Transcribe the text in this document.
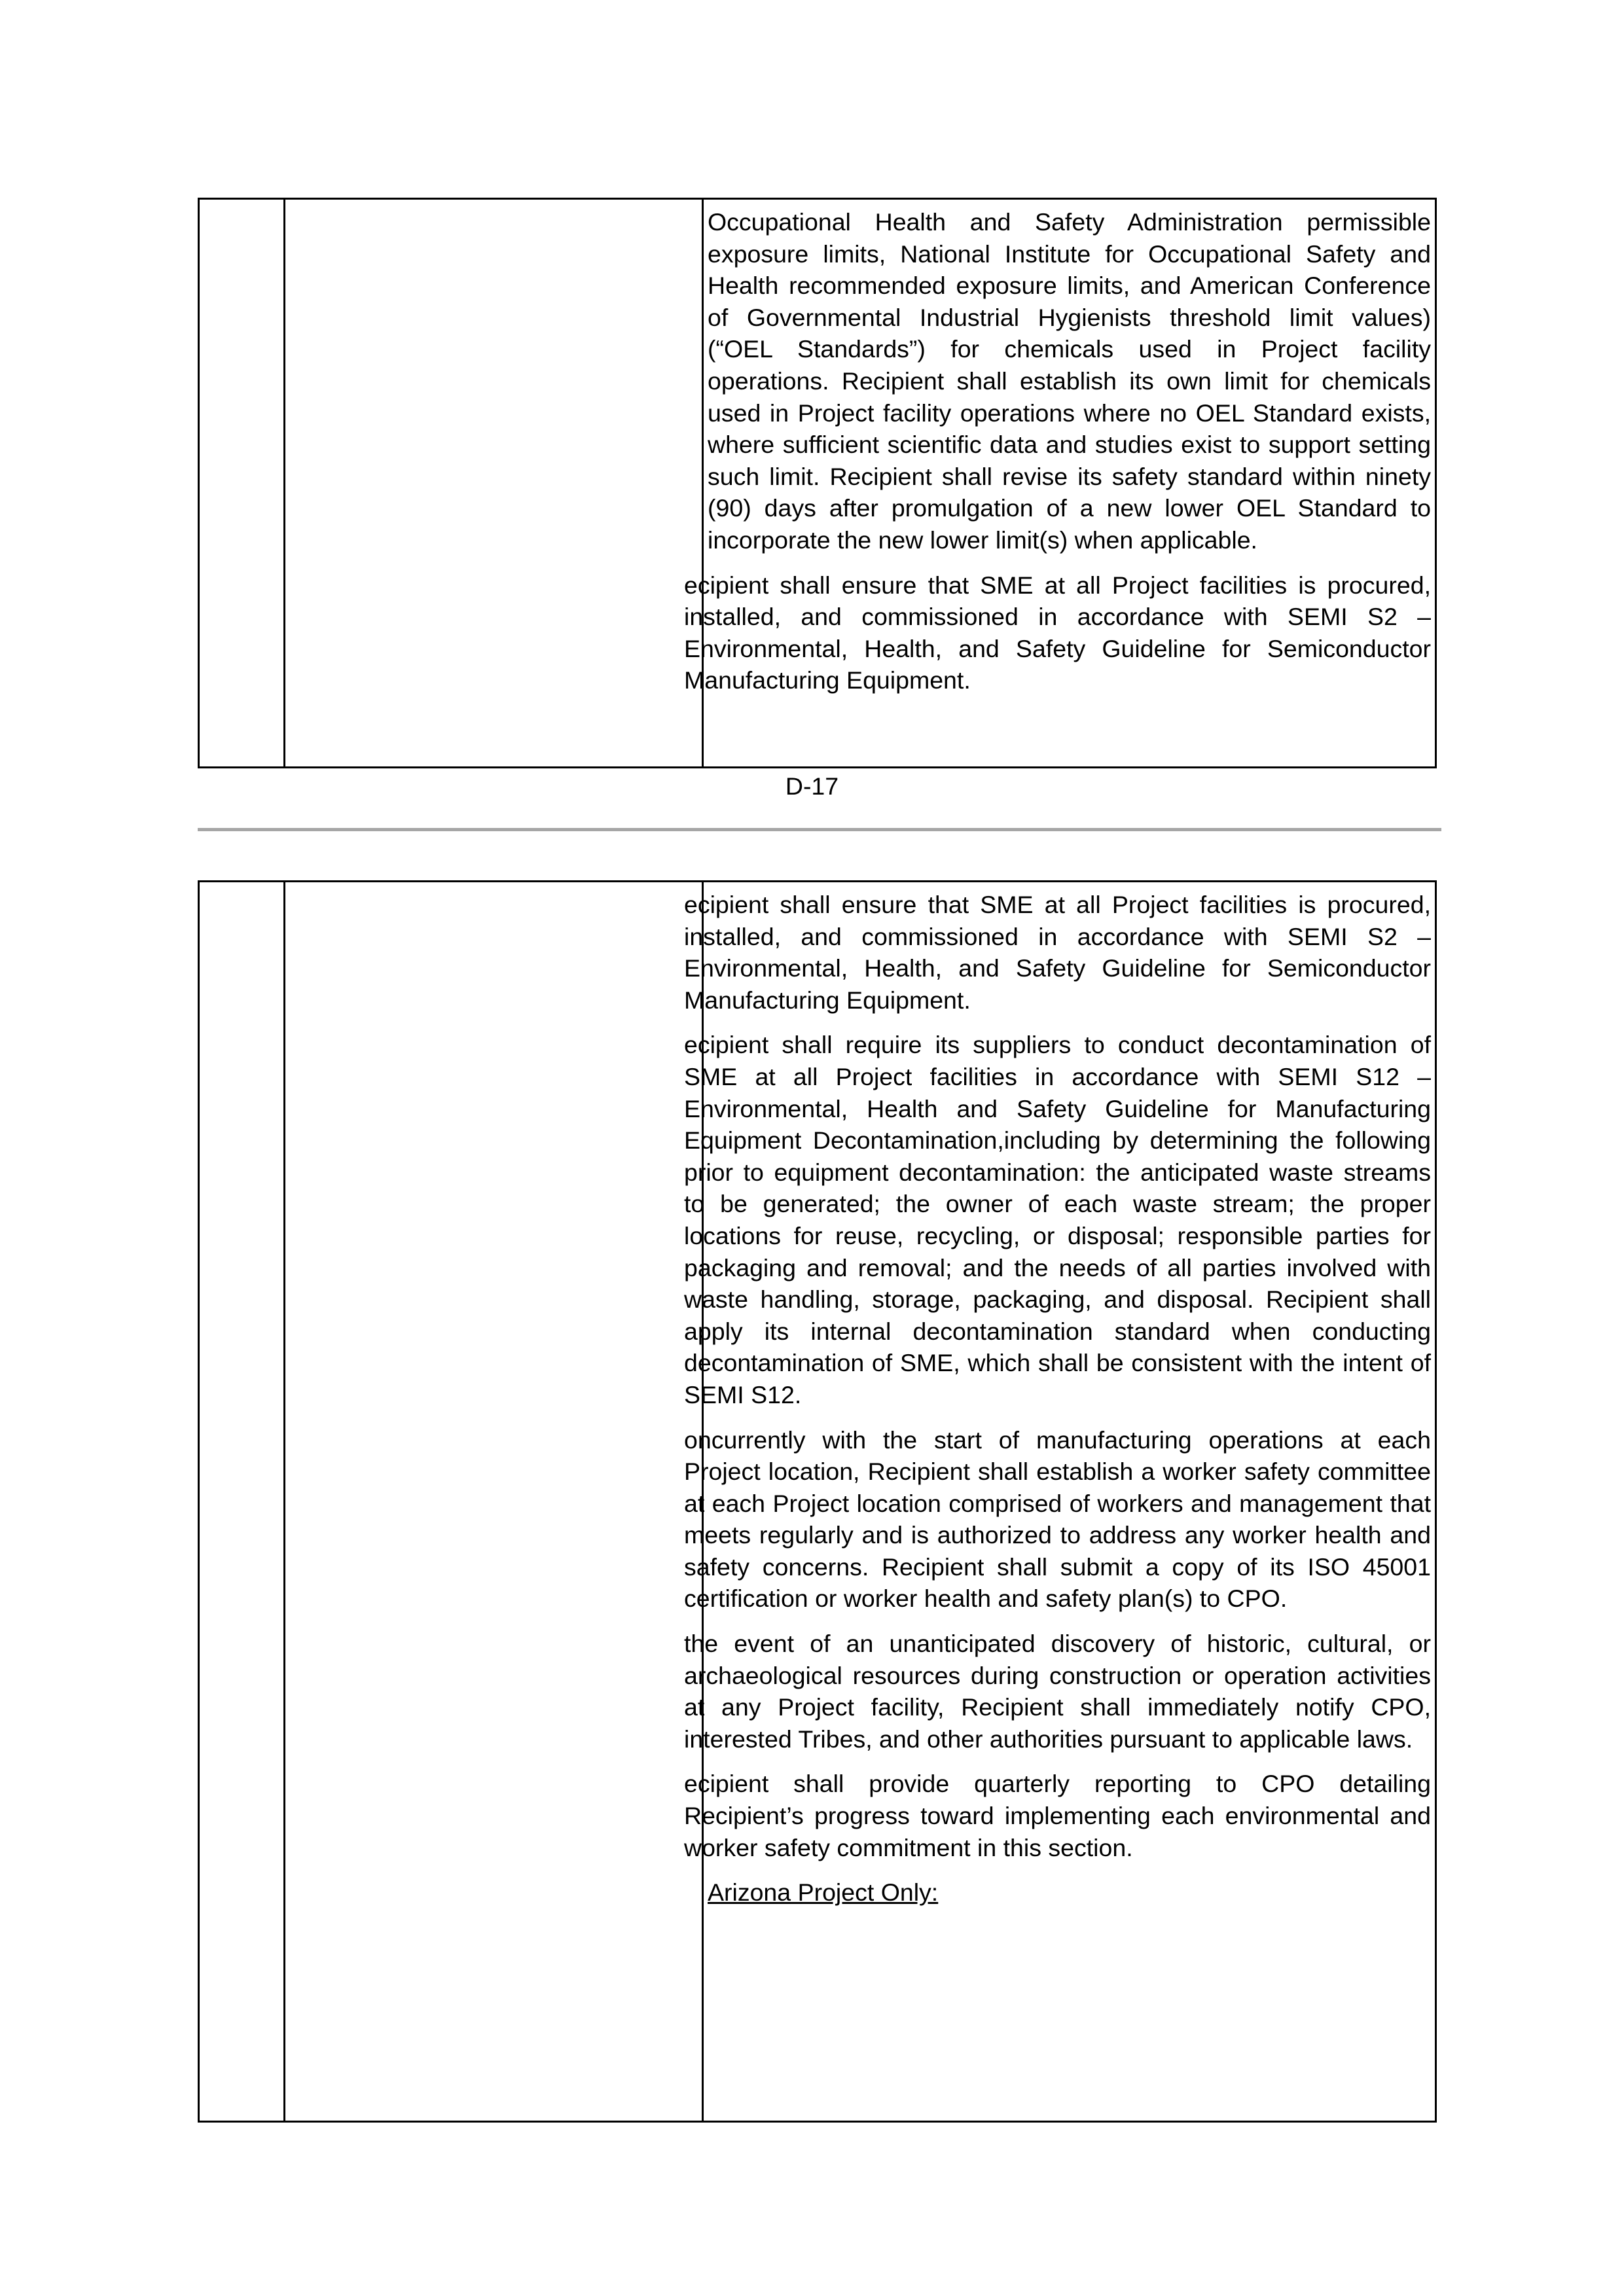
Occupational Health and Safety Administration permissible exposure limits, National Institute for Occupational Safety and Health recommended exposure limits, and American Conference of Governmental Industrial Hygienists threshold limit values) (“OEL Standards”) for chemicals used in Project facility operations. Recipient shall establish its own limit for chemicals used in Project facility operations where no OEL Standard exists, where sufficient scientific data and studies exist to support setting such limit. Recipient shall revise its safety standard within ninety (90) days after promulgation of a new lower OEL Standard to incorporate the new lower limit(s) when applicable.

ecipient shall ensure that SME at all Project facilities is procured, installed, and commissioned in accordance with SEMI S2 – Environmental, Health, and Safety Guideline for Semiconductor Manufacturing Equipment.

D-17

ecipient shall ensure that SME at all Project facilities is procured, installed, and commissioned in accordance with SEMI S2 – Environmental, Health, and Safety Guideline for Semiconductor Manufacturing Equipment.

ecipient shall require its suppliers to conduct decontamination of SME at all Project facilities in accordance with SEMI S12 – Environmental, Health and Safety Guideline for Manufacturing Equipment Decontamination,including by determining the following prior to equipment decontamination: the anticipated waste streams to be generated; the owner of each waste stream; the proper locations for reuse, recycling, or disposal; responsible parties for packaging and removal; and the needs of all parties involved with waste handling, storage, packaging, and disposal. Recipient shall apply its internal decontamination standard when conducting decontamination of SME, which shall be consistent with the intent of SEMI S12.

oncurrently with the start of manufacturing operations at each Project location, Recipient shall establish a worker safety committee at each Project location comprised of workers and management that meets regularly and is authorized to address any worker health and safety concerns. Recipient shall submit a copy of its ISO 45001 certification or worker health and safety plan(s) to CPO.

the event of an unanticipated discovery of historic, cultural, or archaeological resources during construction or operation activities at any Project facility, Recipient shall immediately notify CPO, interested Tribes, and other authorities pursuant to applicable laws.

ecipient shall provide quarterly reporting to CPO detailing Recipient’s progress toward implementing each environmental and worker safety commitment in this section.

Arizona Project Only:
